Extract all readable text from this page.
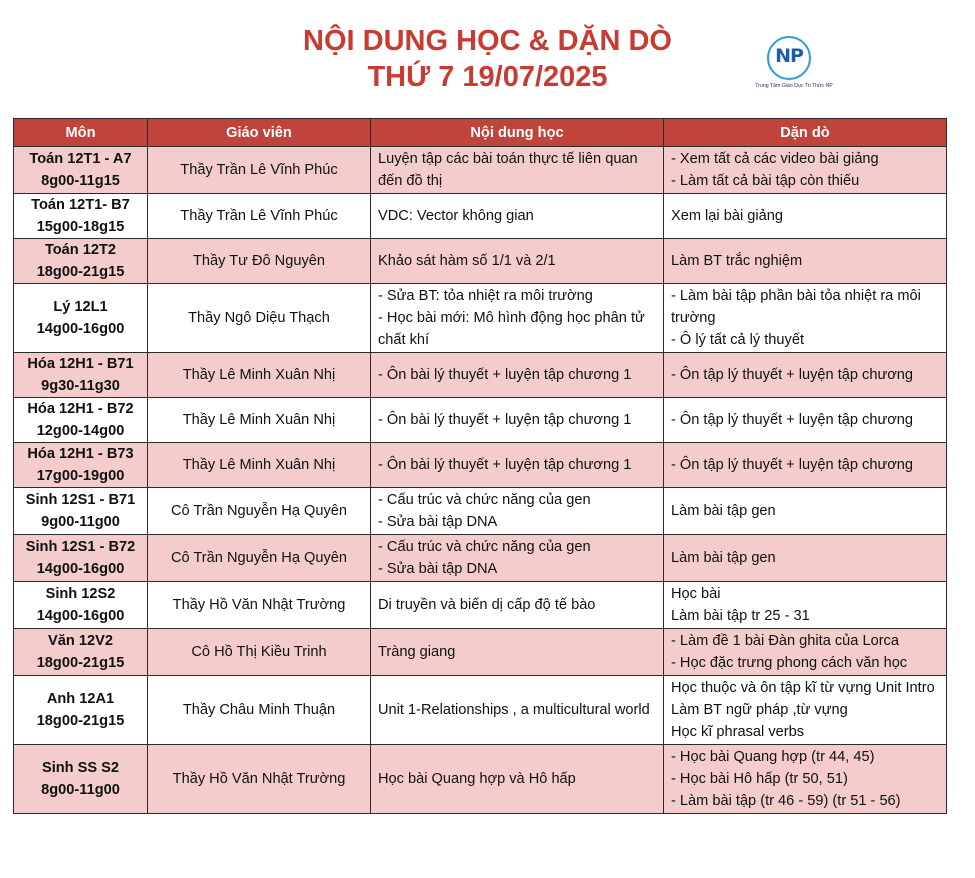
NỘI DUNG HỌC & DẶN DÒ
THỨ 7 19/07/2025
NP
Trung Tâm Giáo Dục Tri Thức NP
Môn	Giáo viên	Nội dung học	Dặn dò

Toán 12T1 - A7
8g00-11g15	Thầy Trần Lê Vĩnh Phúc	Luyện tập các bài toán thực tế liên quan đến đồ thị	- Xem tất cả các video bài giảng
- Làm tất cả bài tập còn thiếu

Toán 12T1- B7
15g00-18g15	Thầy Trần Lê Vĩnh Phúc	VDC: Vector không gian	Xem lại bài giảng

Toán 12T2
18g00-21g15	Thầy Tư Đô Nguyên	Khảo sát hàm số 1/1 và 2/1	Làm BT trắc nghiệm

Lý 12L1
14g00-16g00	Thầy Ngô Diệu Thạch	- Sửa BT: tỏa nhiệt ra môi trường
- Học bài mới: Mô hình động học phân tử chất khí	- Làm bài tập phần bài tỏa nhiệt ra môi trường
- Ô lý tất cả lý thuyết

Hóa 12H1 - B71
9g30-11g30	Thầy Lê Minh Xuân Nhị	- Ôn bài lý thuyết + luyện tập chương 1	- Ôn tập lý thuyết + luyện tập chương

Hóa 12H1 - B72
12g00-14g00	Thầy Lê Minh Xuân Nhị	- Ôn bài lý thuyết + luyện tập chương 1	- Ôn tập lý thuyết + luyện tập chương

Hóa 12H1 - B73
17g00-19g00	Thầy Lê Minh Xuân Nhị	- Ôn bài lý thuyết + luyện tập chương 1	- Ôn tập lý thuyết + luyện tập chương

Sinh 12S1 - B71
9g00-11g00	Cô Trần Nguyễn Hạ Quyên	- Cấu trúc và chức năng của gen
- Sửa bài tập DNA	Làm bài tập gen

Sinh 12S1 - B72
14g00-16g00	Cô Trần Nguyễn Hạ Quyên	- Cấu trúc và chức năng của gen
- Sửa bài tập DNA	Làm bài tập gen

Sinh 12S2
14g00-16g00	Thầy Hồ Văn Nhật Trường	Di truyền và biến dị cấp độ tế bào	Học bài
Làm bài tập tr 25 - 31

Văn 12V2
18g00-21g15	Cô Hồ Thị Kiều Trinh	Tràng giang	- Làm đề 1 bài Đàn ghita của Lorca
- Học đặc trưng phong cách văn học

Anh 12A1
18g00-21g15	Thầy Châu Minh Thuận	Unit 1-Relationships , a multicultural world	Học thuộc và ôn tập kĩ từ vựng Unit Intro
Làm BT ngữ pháp ,từ vựng
Học kĩ phrasal verbs

Sinh SS S2
8g00-11g00	Thầy Hồ Văn Nhật Trường	Học bài Quang hợp và Hô hấp	- Học bài Quang hợp (tr 44, 45)
- Học bài Hô hấp (tr 50, 51)
- Làm bài tập (tr 46 - 59) (tr 51 - 56)
